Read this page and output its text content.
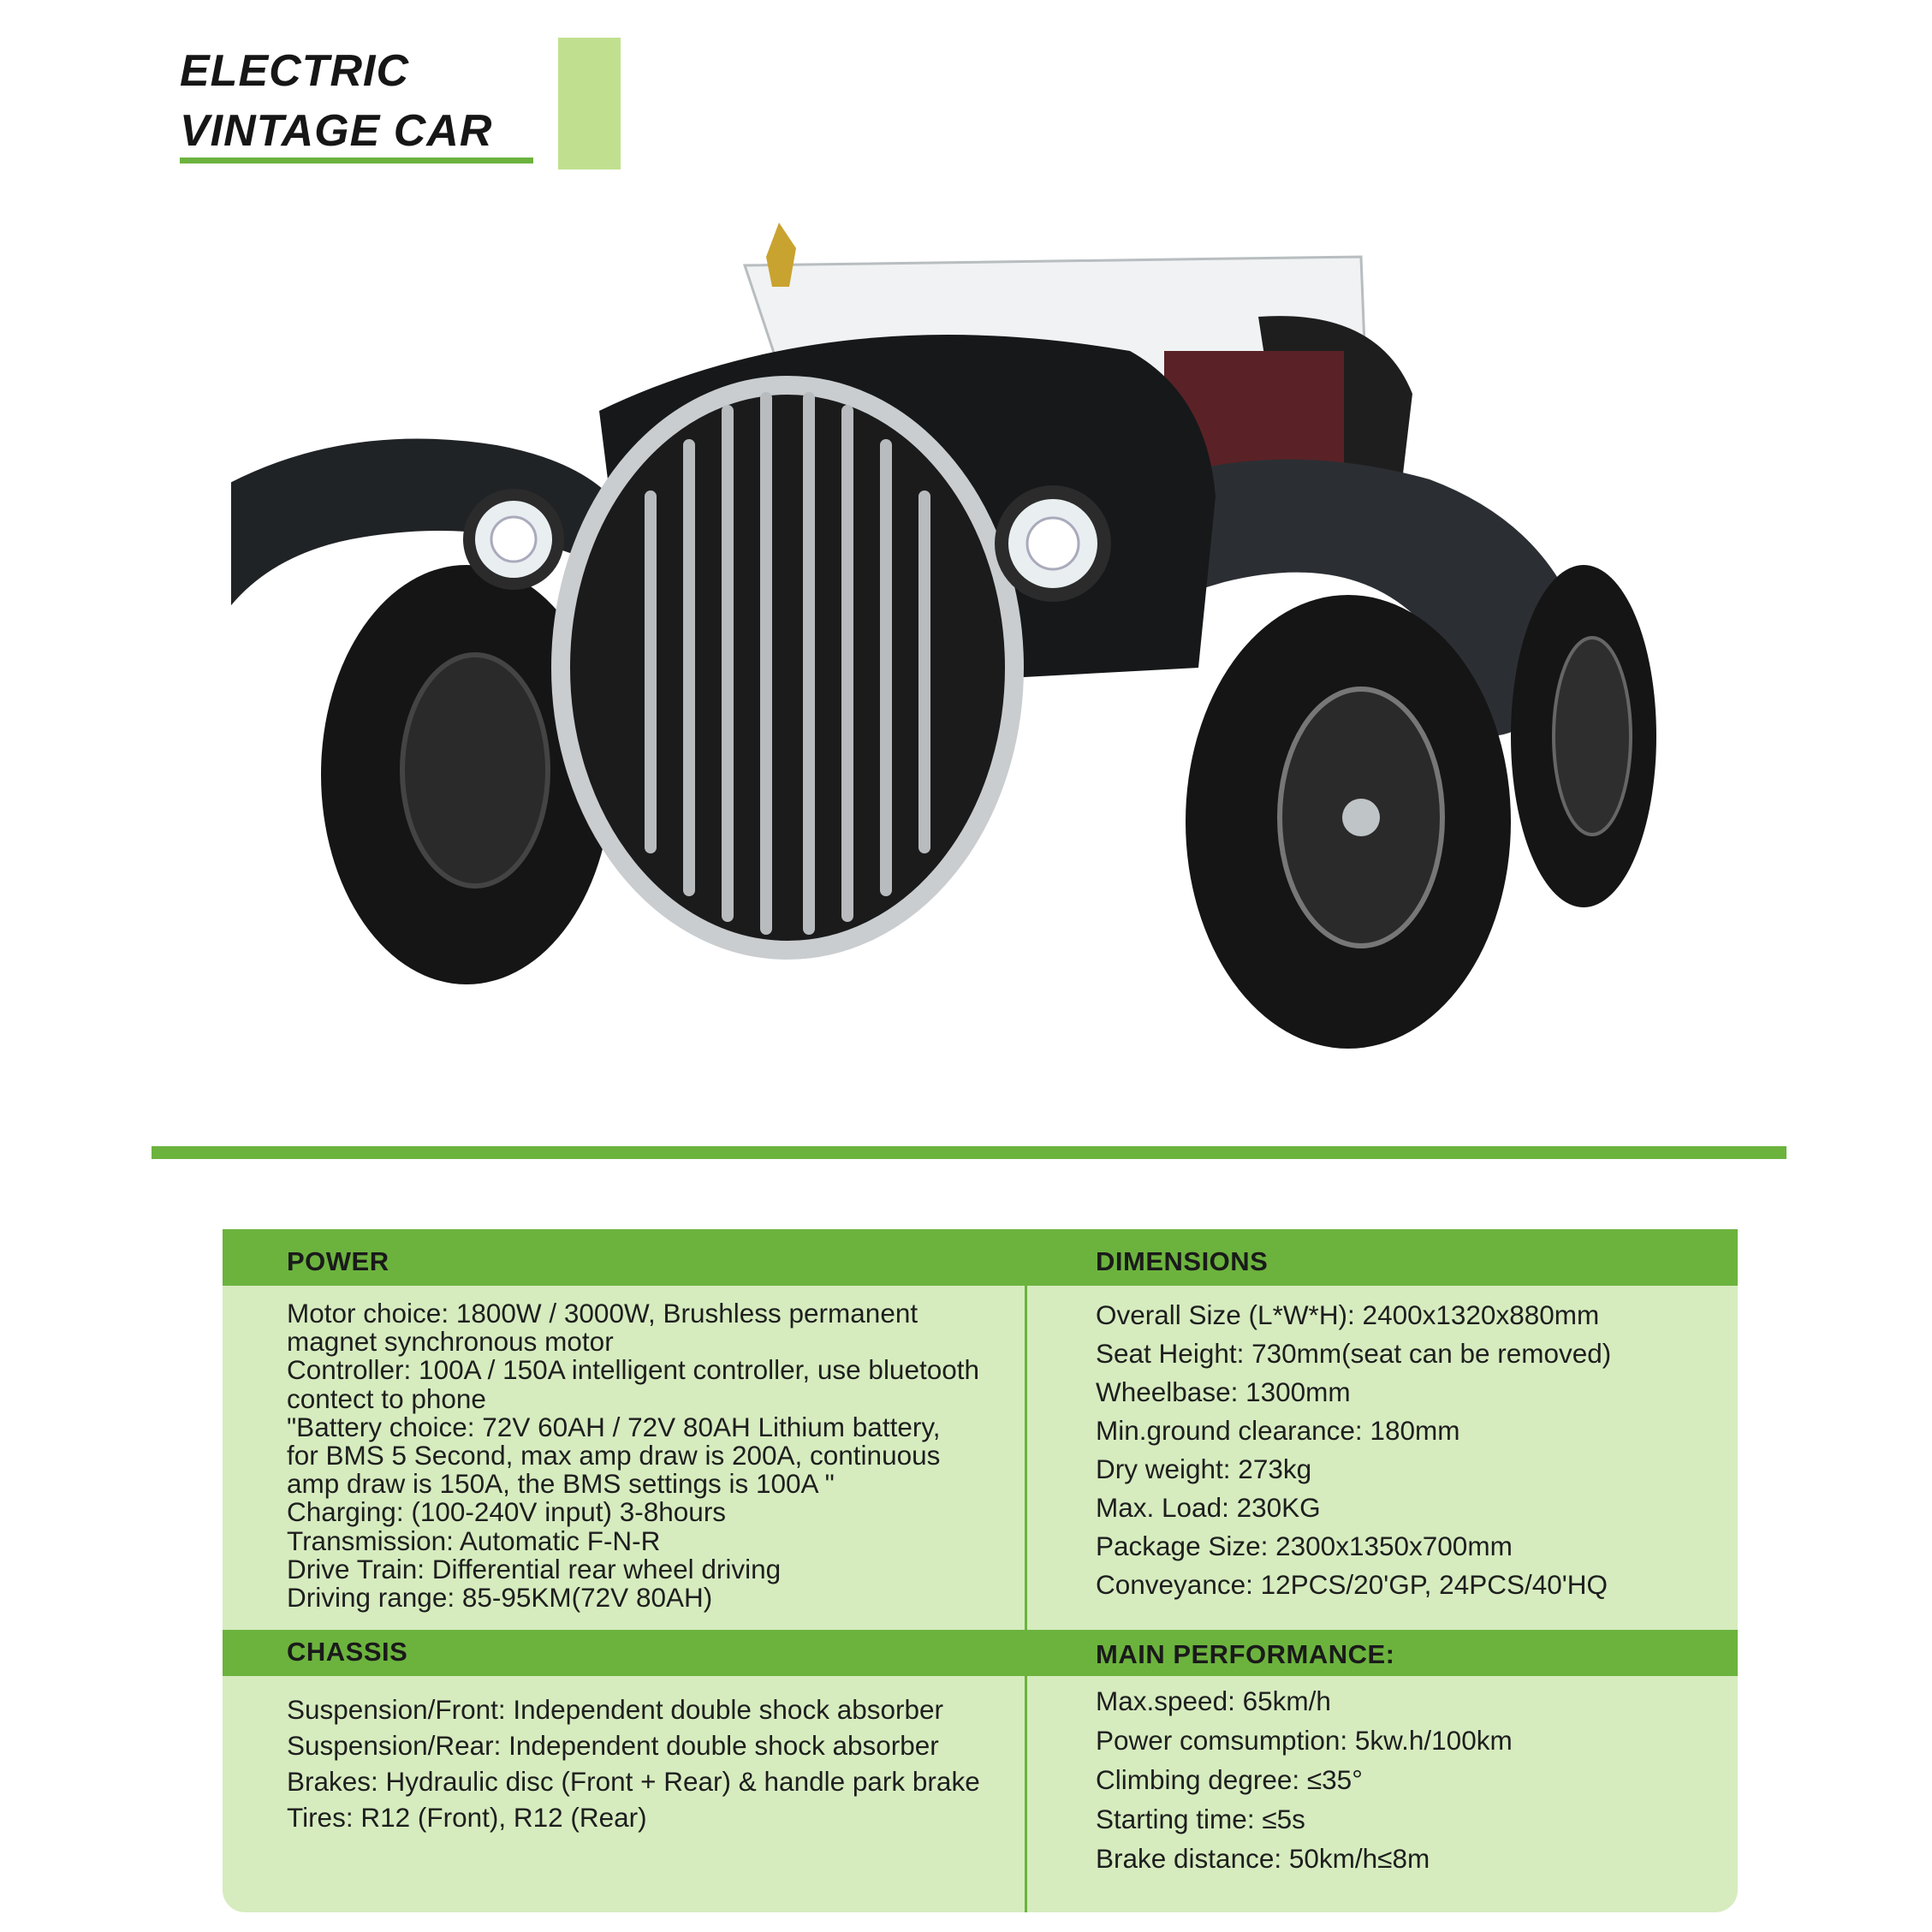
ELECTRIC
VINTAGE CAR
POWER
Motor choice: 1800W / 3000W, Brushless permanent
magnet synchronous motor
Controller: 100A / 150A intelligent controller, use bluetooth
contect to phone
"Battery choice: 72V 60AH / 72V 80AH Lithium battery,
for BMS 5 Second, max amp draw is 200A, continuous
amp draw is 150A, the BMS settings is 100A "
Charging: (100-240V input) 3-8hours
Transmission: Automatic F-N-R
Drive Train: Differential rear wheel driving
Driving range: 85-95KM(72V 80AH)
DIMENSIONS
Overall Size (L*W*H): 2400x1320x880mm
Seat Height: 730mm(seat can be removed)
Wheelbase: 1300mm
Min.ground clearance: 180mm
Dry weight: 273kg
Max. Load: 230KG
Package Size: 2300x1350x700mm
Conveyance: 12PCS/20'GP, 24PCS/40'HQ
CHASSIS
Suspension/Front: Independent double shock absorber
Suspension/Rear: Independent double shock absorber
Brakes: Hydraulic disc (Front + Rear) & handle park brake
Tires: R12 (Front), R12 (Rear)
MAIN PERFORMANCE:
Max.speed: 65km/h
Power comsumption: 5kw.h/100km
Climbing degree: ≤35°
Starting time: ≤5s
Brake distance: 50km/h≤8m
